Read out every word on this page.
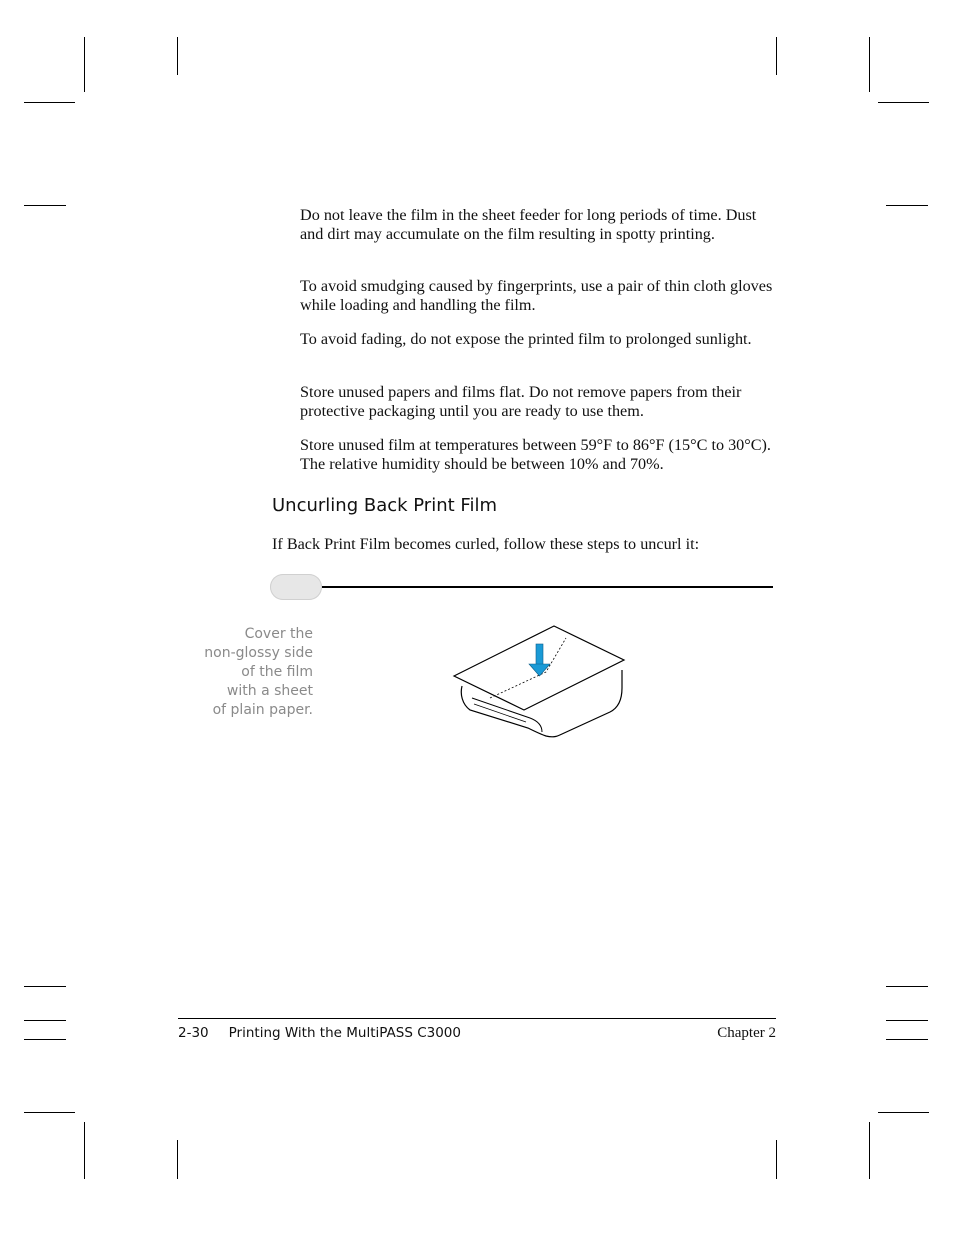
Do not leave the film in the sheet feeder for long periods of time. Dust and dirt may accumulate on the film resulting in spotty printing.

To avoid smudging caused by fingerprints, use a pair of thin cloth gloves while loading and handling the film.

To avoid fading, do not expose the printed film to prolonged sunlight.

Store unused papers and films flat. Do not remove papers from their protective packaging until you are ready to use them.

Store unused film at temperatures between 59°F to 86°F (15°C to 30°C). The relative humidity should be between 10% and 70%.

Uncurling Back Print Film

If Back Print Film becomes curled, follow these steps to uncurl it:

Cover the
non-glossy side
of the film
with a sheet
of plain paper.

2-30 Printing With the MultiPASS C3000	Chapter 2
